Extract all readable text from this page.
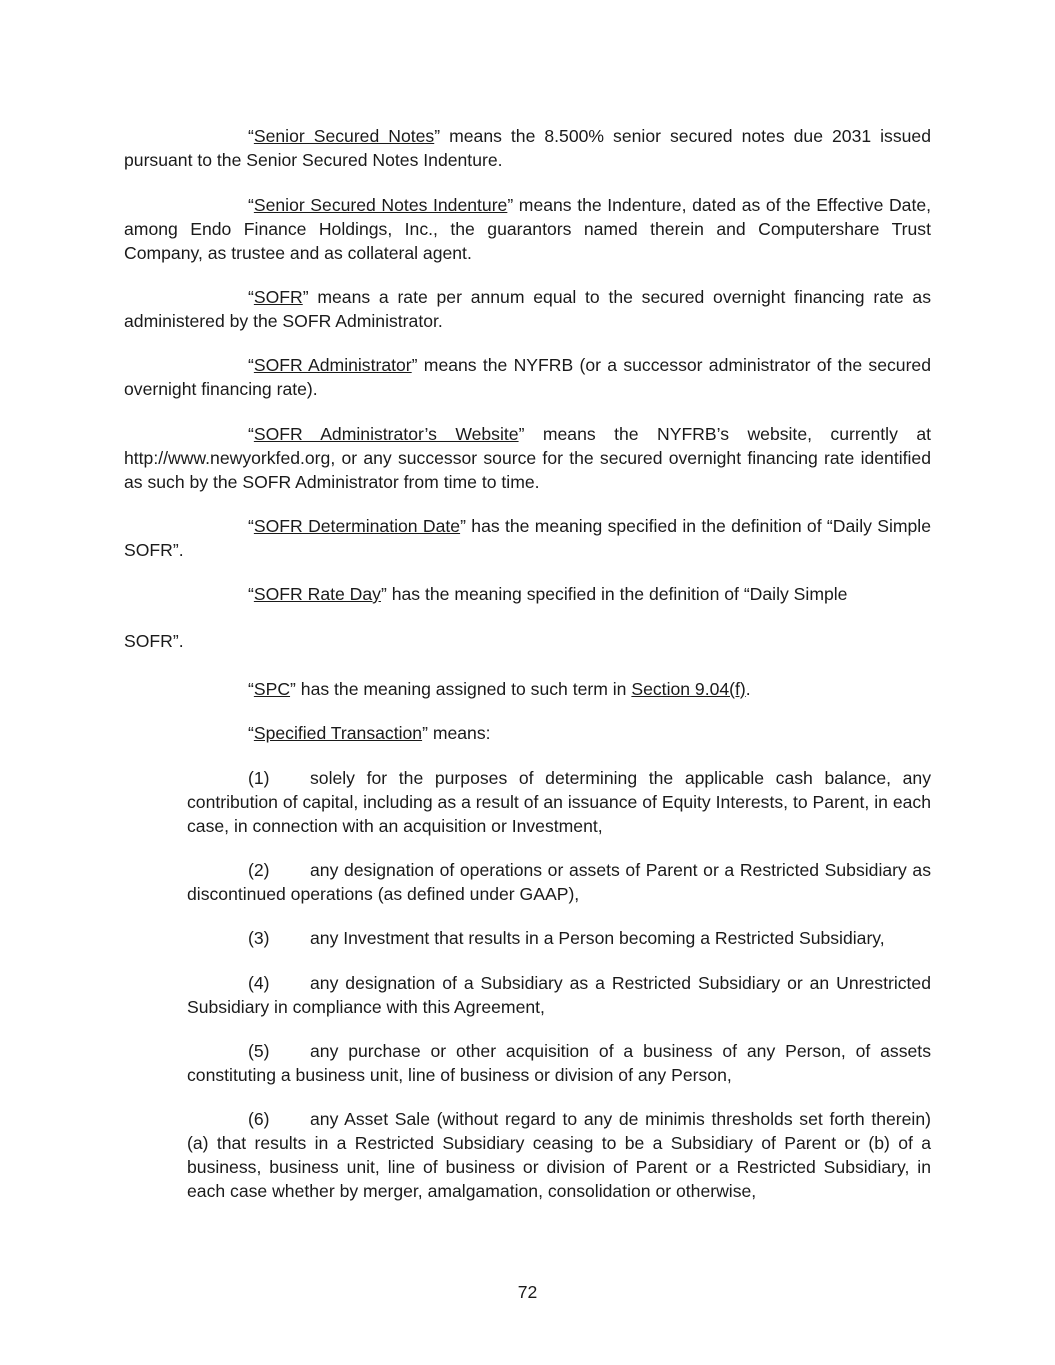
“Senior Secured Notes” means the 8.500% senior secured notes due 2031 issued pursuant to the Senior Secured Notes Indenture.

“Senior Secured Notes Indenture” means the Indenture, dated as of the Effective Date, among Endo Finance Holdings, Inc., the guarantors named therein and Computershare Trust Company, as trustee and as collateral agent.

“SOFR” means a rate per annum equal to the secured overnight financing rate as administered by the SOFR Administrator.

“SOFR Administrator” means the NYFRB (or a successor administrator of the secured overnight financing rate).

“SOFR Administrator’s Website” means the NYFRB’s website, currently at http://www.newyorkfed.org, or any successor source for the secured overnight financing rate identified as such by the SOFR Administrator from time to time.

“SOFR Determination Date” has the meaning specified in the definition of “Daily Simple SOFR”.

“SOFR Rate Day” has the meaning specified in the definition of “Daily Simple

SOFR”.

“SPC” has the meaning assigned to such term in Section 9.04(f).

“Specified Transaction” means:

(1) solely for the purposes of determining the applicable cash balance, any contribution of capital, including as a result of an issuance of Equity Interests, to Parent, in each case, in connection with an acquisition or Investment,

(2) any designation of operations or assets of Parent or a Restricted Subsidiary as discontinued operations (as defined under GAAP),

(3) any Investment that results in a Person becoming a Restricted Subsidiary,

(4) any designation of a Subsidiary as a Restricted Subsidiary or an Unrestricted Subsidiary in compliance with this Agreement,

(5) any purchase or other acquisition of a business of any Person, of assets constituting a business unit, line of business or division of any Person,

(6) any Asset Sale (without regard to any de minimis thresholds set forth therein) (a) that results in a Restricted Subsidiary ceasing to be a Subsidiary of Parent or (b) of a business, business unit, line of business or division of Parent or a Restricted Subsidiary, in each case whether by merger, amalgamation, consolidation or otherwise,

72
